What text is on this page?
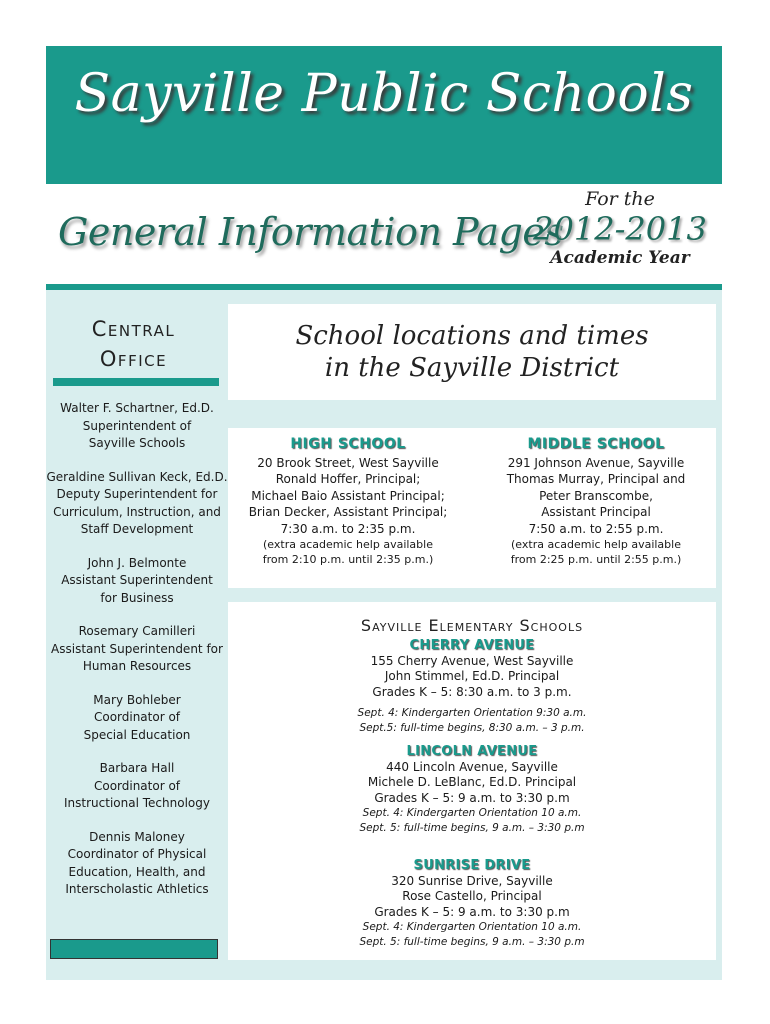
Sayville Public Schools
General Information Pages
For the
2012-2013
Academic Year
Central
Office
Walter F. Schartner, Ed.D.
Superintendent of
Sayville Schools
Geraldine Sullivan Keck, Ed.D.
Deputy Superintendent for
Curriculum, Instruction, and
Staff Development
John J. Belmonte
Assistant Superintendent
for Business
Rosemary Camilleri
Assistant Superintendent for
Human Resources
Mary Bohleber
Coordinator of
Special Education
Barbara Hall
Coordinator of
Instructional Technology
Dennis Maloney
Coordinator of Physical
Education, Health, and
Interscholastic Athletics
School locations and times
in the Sayville District
HIGH SCHOOL
20 Brook Street, West Sayville
Ronald Hoffer, Principal;
Michael Baio Assistant Principal;
Brian Decker, Assistant Principal;
7:30 a.m. to 2:35 p.m.
(extra academic help available
from 2:10 p.m. until 2:35 p.m.)
MIDDLE SCHOOL
291 Johnson Avenue, Sayville
Thomas Murray, Principal and
Peter Branscombe,
Assistant Principal
7:50 a.m. to 2:55 p.m.
(extra academic help available
from 2:25 p.m. until 2:55 p.m.)
Sayville Elementary Schools
CHERRY AVENUE
155 Cherry Avenue, West Sayville
John Stimmel, Ed.D. Principal
Grades K – 5: 8:30 a.m. to 3 p.m.
Sept. 4: Kindergarten Orientation 9:30 a.m.
Sept.5: full-time begins, 8:30 a.m. – 3 p.m.
LINCOLN AVENUE
440 Lincoln Avenue, Sayville
Michele D. LeBlanc, Ed.D. Principal
Grades K – 5: 9 a.m. to 3:30 p.m
Sept. 4: Kindergarten Orientation 10 a.m.
Sept. 5: full-time begins, 9 a.m. – 3:30 p.m
SUNRISE DRIVE
320 Sunrise Drive, Sayville
Rose Castello, Principal
Grades K – 5: 9 a.m. to 3:30 p.m
Sept. 4: Kindergarten Orientation 10 a.m.
Sept. 5: full-time begins, 9 a.m. – 3:30 p.m
